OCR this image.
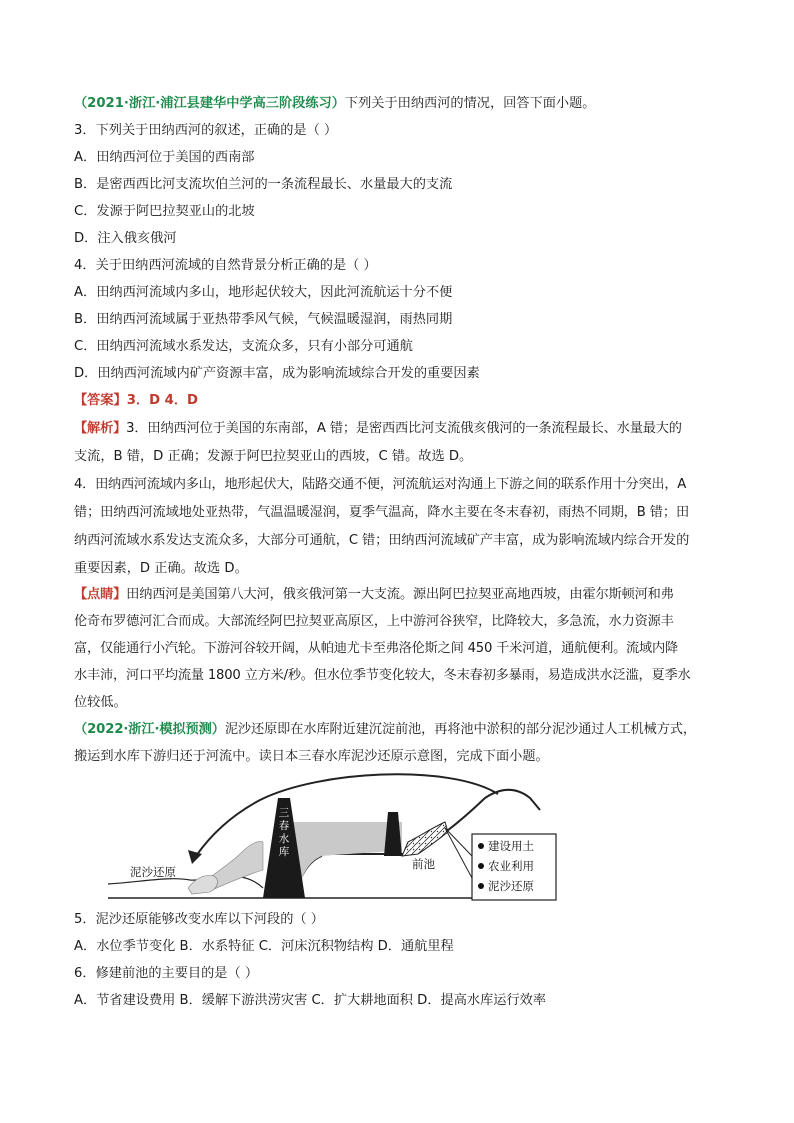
（2021·浙江·浦江县建华中学高三阶段练习）下列关于田纳西河的情况，回答下面小题。
3．下列关于田纳西河的叙述，正确的是（ ）
A．田纳西河位于美国的西南部
B．是密西西比河支流坎伯兰河的一条流程最长、水量最大的支流
C．发源于阿巴拉契亚山的北坡
D．注入俄亥俄河
4．关于田纳西河流域的自然背景分析正确的是（ ）
A．田纳西河流域内多山，地形起伏较大，因此河流航运十分不便
B．田纳西河流域属于亚热带季风气候，气候温暖湿润，雨热同期
C．田纳西河流域水系发达，支流众多，只有小部分可通航
D．田纳西河流域内矿产资源丰富，成为影响流域综合开发的重要因素
【答案】3．D 4．D
【解析】3．田纳西河位于美国的东南部，A 错；是密西西比河支流俄亥俄河的一条流程最长、水量最大的
支流，B 错，D 正确；发源于阿巴拉契亚山的西坡，C 错。故选 D。
4．田纳西河流域内多山，地形起伏大，陆路交通不便，河流航运对沟通上下游之间的联系作用十分突出，A
错；田纳西河流域地处亚热带，气温温暖湿润，夏季气温高，降水主要在冬末春初，雨热不同期，B 错；田
纳西河流域水系发达支流众多，大部分可通航，C 错；田纳西河流域矿产丰富，成为影响流域内综合开发的
重要因素，D 正确。故选 D。
【点睛】田纳西河是美国第八大河，俄亥俄河第一大支流。源出阿巴拉契亚高地西坡，由霍尔斯顿河和弗
伦奇布罗德河汇合而成。大部流经阿巴拉契亚高原区，上中游河谷狭窄，比降较大，多急流，水力资源丰
富，仅能通行小汽轮。下游河谷较开阔，从帕迪尤卡至弗洛伦斯之间 450 千米河道，通航便利。流域内降
水丰沛，河口平均流量 1800 立方米/秒。但水位季节变化较大，冬末春初多暴雨，易造成洪水泛滥，夏季水
位较低。
（2022·浙江·模拟预测）泥沙还原即在水库附近建沉淀前池，再将池中淤积的部分泥沙通过人工机械方式，
搬运到水库下游归还于河流中。读日本三春水库泥沙还原示意图，完成下面小题。
三
春
水
库
泥沙还原
前池
建设用土
农业利用
泥沙还原
5．泥沙还原能够改变水库以下河段的（ ）
A．水位季节变化 B．水系特征 C．河床沉积物结构 D．通航里程
6．修建前池的主要目的是（ ）
A．节省建设费用 B．缓解下游洪涝灾害 C．扩大耕地面积 D．提高水库运行效率
